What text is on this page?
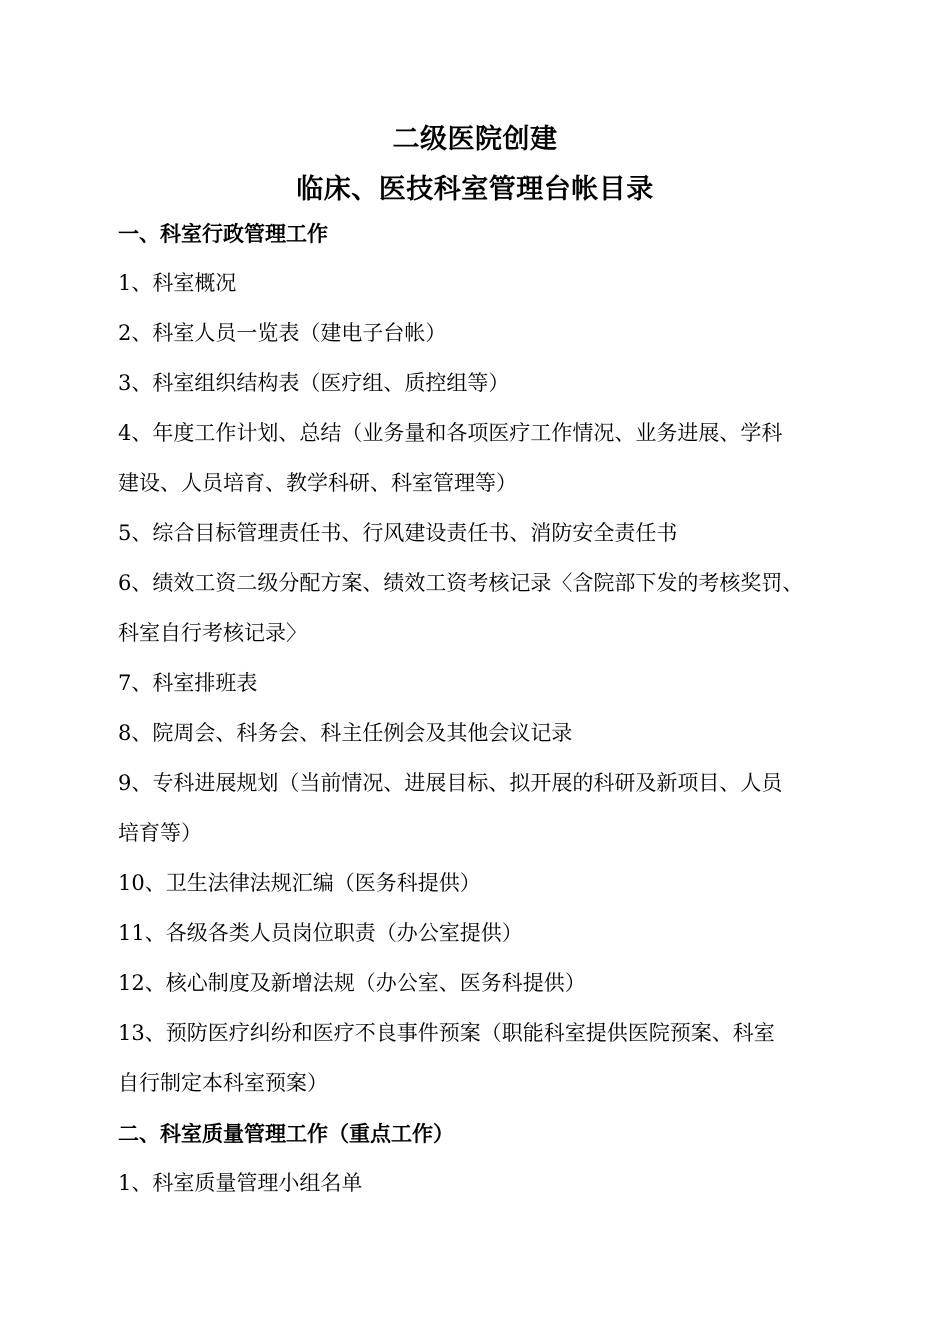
二级医院创建
临床、医技科室管理台帐目录
一、科室行政管理工作
1、科室概况
2、科室人员一览表（建电子台帐）
3、科室组织结构表（医疗组、质控组等）
4、年度工作计划、总结（业务量和各项医疗工作情况、业务进展、学科
建设、人员培育、教学科研、科室管理等）
5、综合目标管理责任书、行风建设责任书、消防安全责任书
6、绩效工资二级分配方案、绩效工资考核记录〈含院部下发的考核奖罚、
科室自行考核记录〉
7、科室排班表
8、院周会、科务会、科主任例会及其他会议记录
9、专科进展规划（当前情况、进展目标、拟开展的科研及新项目、人员
培育等）
10、卫生法律法规汇编（医务科提供）
11、各级各类人员岗位职责（办公室提供）
12、核心制度及新增法规（办公室、医务科提供）
13、预防医疗纠纷和医疗不良事件预案（职能科室提供医院预案、科室
自行制定本科室预案）
二、科室质量管理工作（重点工作）
1、科室质量管理小组名单
